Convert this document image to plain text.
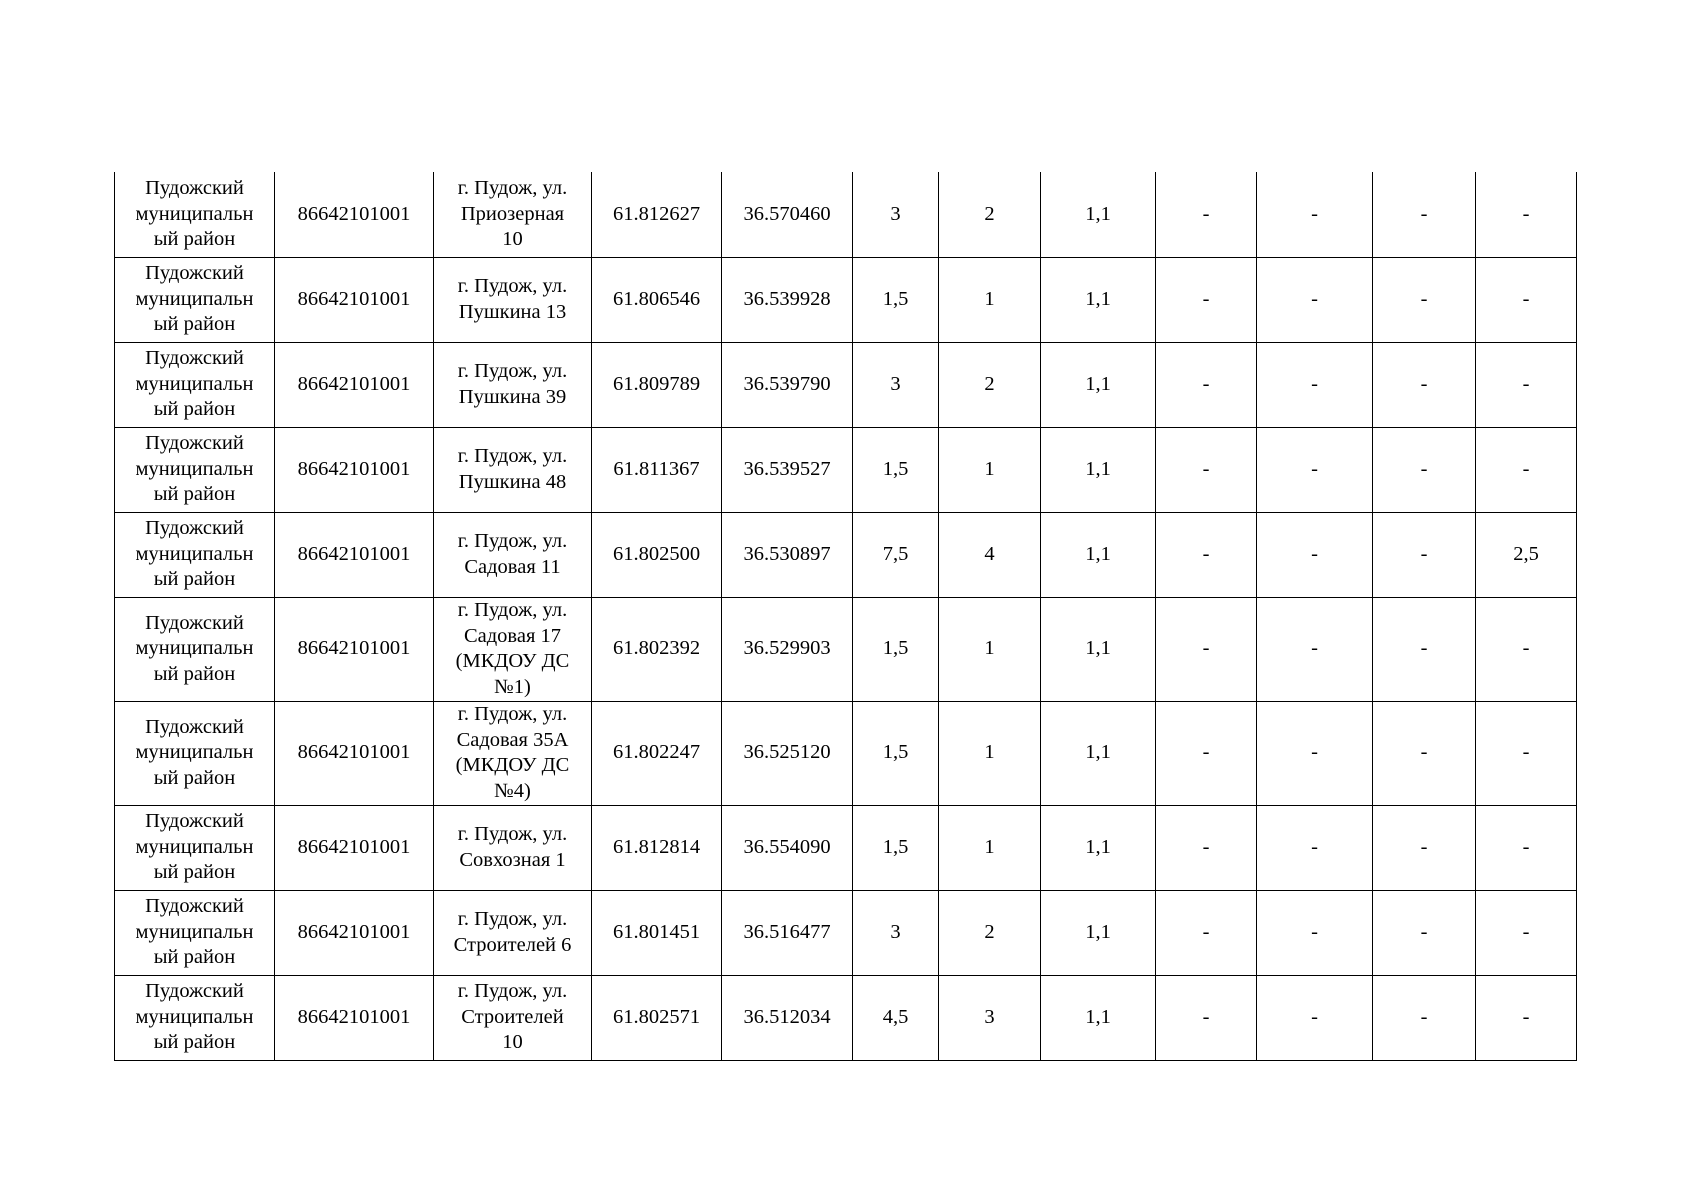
Пудожский
муниципальн
ый район	86642101001	г. Пудож, ул.
Приозерная
10	61.812627	36.570460	3	2	1,1	-	-	-	-

Пудожский
муниципальн
ый район	86642101001	г. Пудож, ул.
Пушкина 13	61.806546	36.539928	1,5	1	1,1	-	-	-	-

Пудожский
муниципальн
ый район	86642101001	г. Пудож, ул.
Пушкина 39	61.809789	36.539790	3	2	1,1	-	-	-	-

Пудожский
муниципальн
ый район	86642101001	г. Пудож, ул.
Пушкина 48	61.811367	36.539527	1,5	1	1,1	-	-	-	-

Пудожский
муниципальн
ый район	86642101001	г. Пудож, ул.
Садовая 11	61.802500	36.530897	7,5	4	1,1	-	-	-	2,5

Пудожский
муниципальн
ый район	86642101001	г. Пудож, ул.
Садовая 17
(МКДОУ ДС
№1)	61.802392	36.529903	1,5	1	1,1	-	-	-	-

Пудожский
муниципальн
ый район	86642101001	г. Пудож, ул.
Садовая 35А
(МКДОУ ДС
№4)	61.802247	36.525120	1,5	1	1,1	-	-	-	-

Пудожский
муниципальн
ый район	86642101001	г. Пудож, ул.
Совхозная 1	61.812814	36.554090	1,5	1	1,1	-	-	-	-

Пудожский
муниципальн
ый район	86642101001	г. Пудож, ул.
Строителей 6	61.801451	36.516477	3	2	1,1	-	-	-	-

Пудожский
муниципальн
ый район	86642101001	г. Пудож, ул.
Строителей
10	61.802571	36.512034	4,5	3	1,1	-	-	-	-
